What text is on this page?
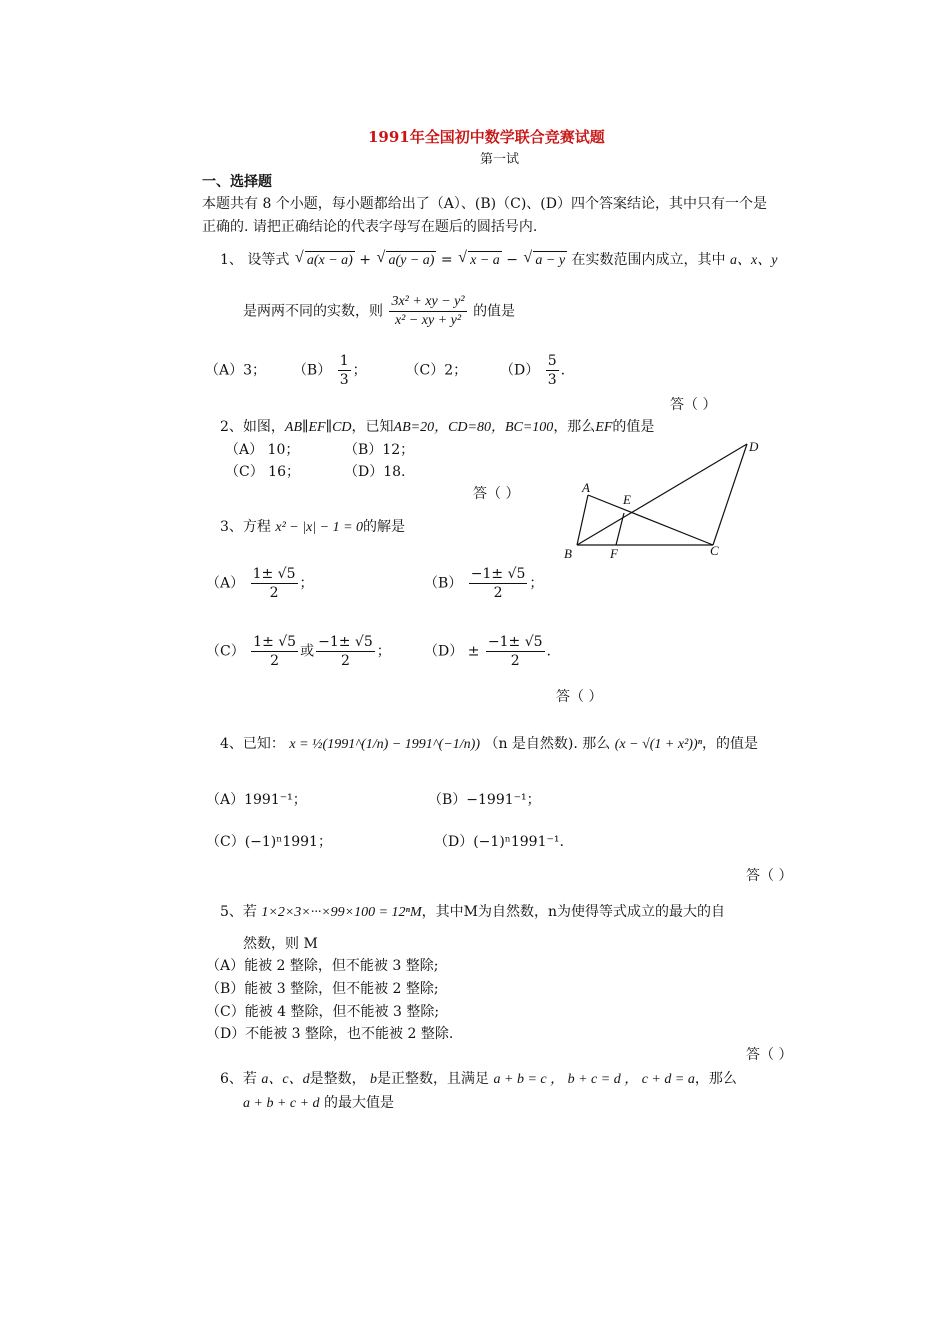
1991年全国初中数学联合竞赛试题
第一试
一、选择题
本题共有 8 个小题，每小题都给出了（A）、(B)（C)、(D）四个答案结论，其中只有一个是
正确的. 请把正确结论的代表字母写在题后的圆括号内.
1、 设等式 √ a(x − a) + √ a(y − a) = √ x − a − √ a − y 在实数范围内成立，其中 a、x、y
是两两不同的实数，则 $\frac{\text{3x² + xy − y²}}{\text{x² − xy + y²}}$ 的值是
（A）3； $(B) \frac{1}{3}$ ；	（C）2； $(D) \frac{5}{3}$ .
答（ ）
2、如图，AB∥EF∥CD，已知AB=20，CD=80，BC=100，那么EF的值是
（A） 10；	（B）12；
（C） 16；	（D）18.
答（ ）	A
E
D
B	F	C
3、方程 x² − |x| − 1 = 0的解是
$(A) \frac{1\pm √5}{2}$ ；	$(B) \frac{-1\pm √5}{2}$ ；
$(C) \frac{1\pm √5}{2}$ 或 $\frac{-1\pm √5}{2}$ ； $(D) \pm \frac{-1\pm √5}{2}$ .
答（ ）
4、已知： x = ½(1991^(1/n) − 1991^(−1/n)) （n 是自然数). 那么 (x − √(1 + x²))ⁿ，的值是
（A）1991⁻¹；	（B）−1991⁻¹；
（C）(−1)ⁿ1991；	（D）(−1)ⁿ1991⁻¹.
答（ ）
5、若 1×2×3×···×99×100 = 12ⁿM，其中M为自然数，n为使得等式成立的最大的自
然数，则 M
（A）能被 2 整除，但不能被 3 整除;
（B）能被 3 整除，但不能被 2 整除;
（C）能被 4 整除，但不能被 3 整除;
（D）不能被 3 整除，也不能被 2 整除.
答（ ）
6、若 a、c、d是整数， b是正整数，且满足 a + b = c ， b + c = d ， c + d = a，那么
a + b + c + d 的最大值是
